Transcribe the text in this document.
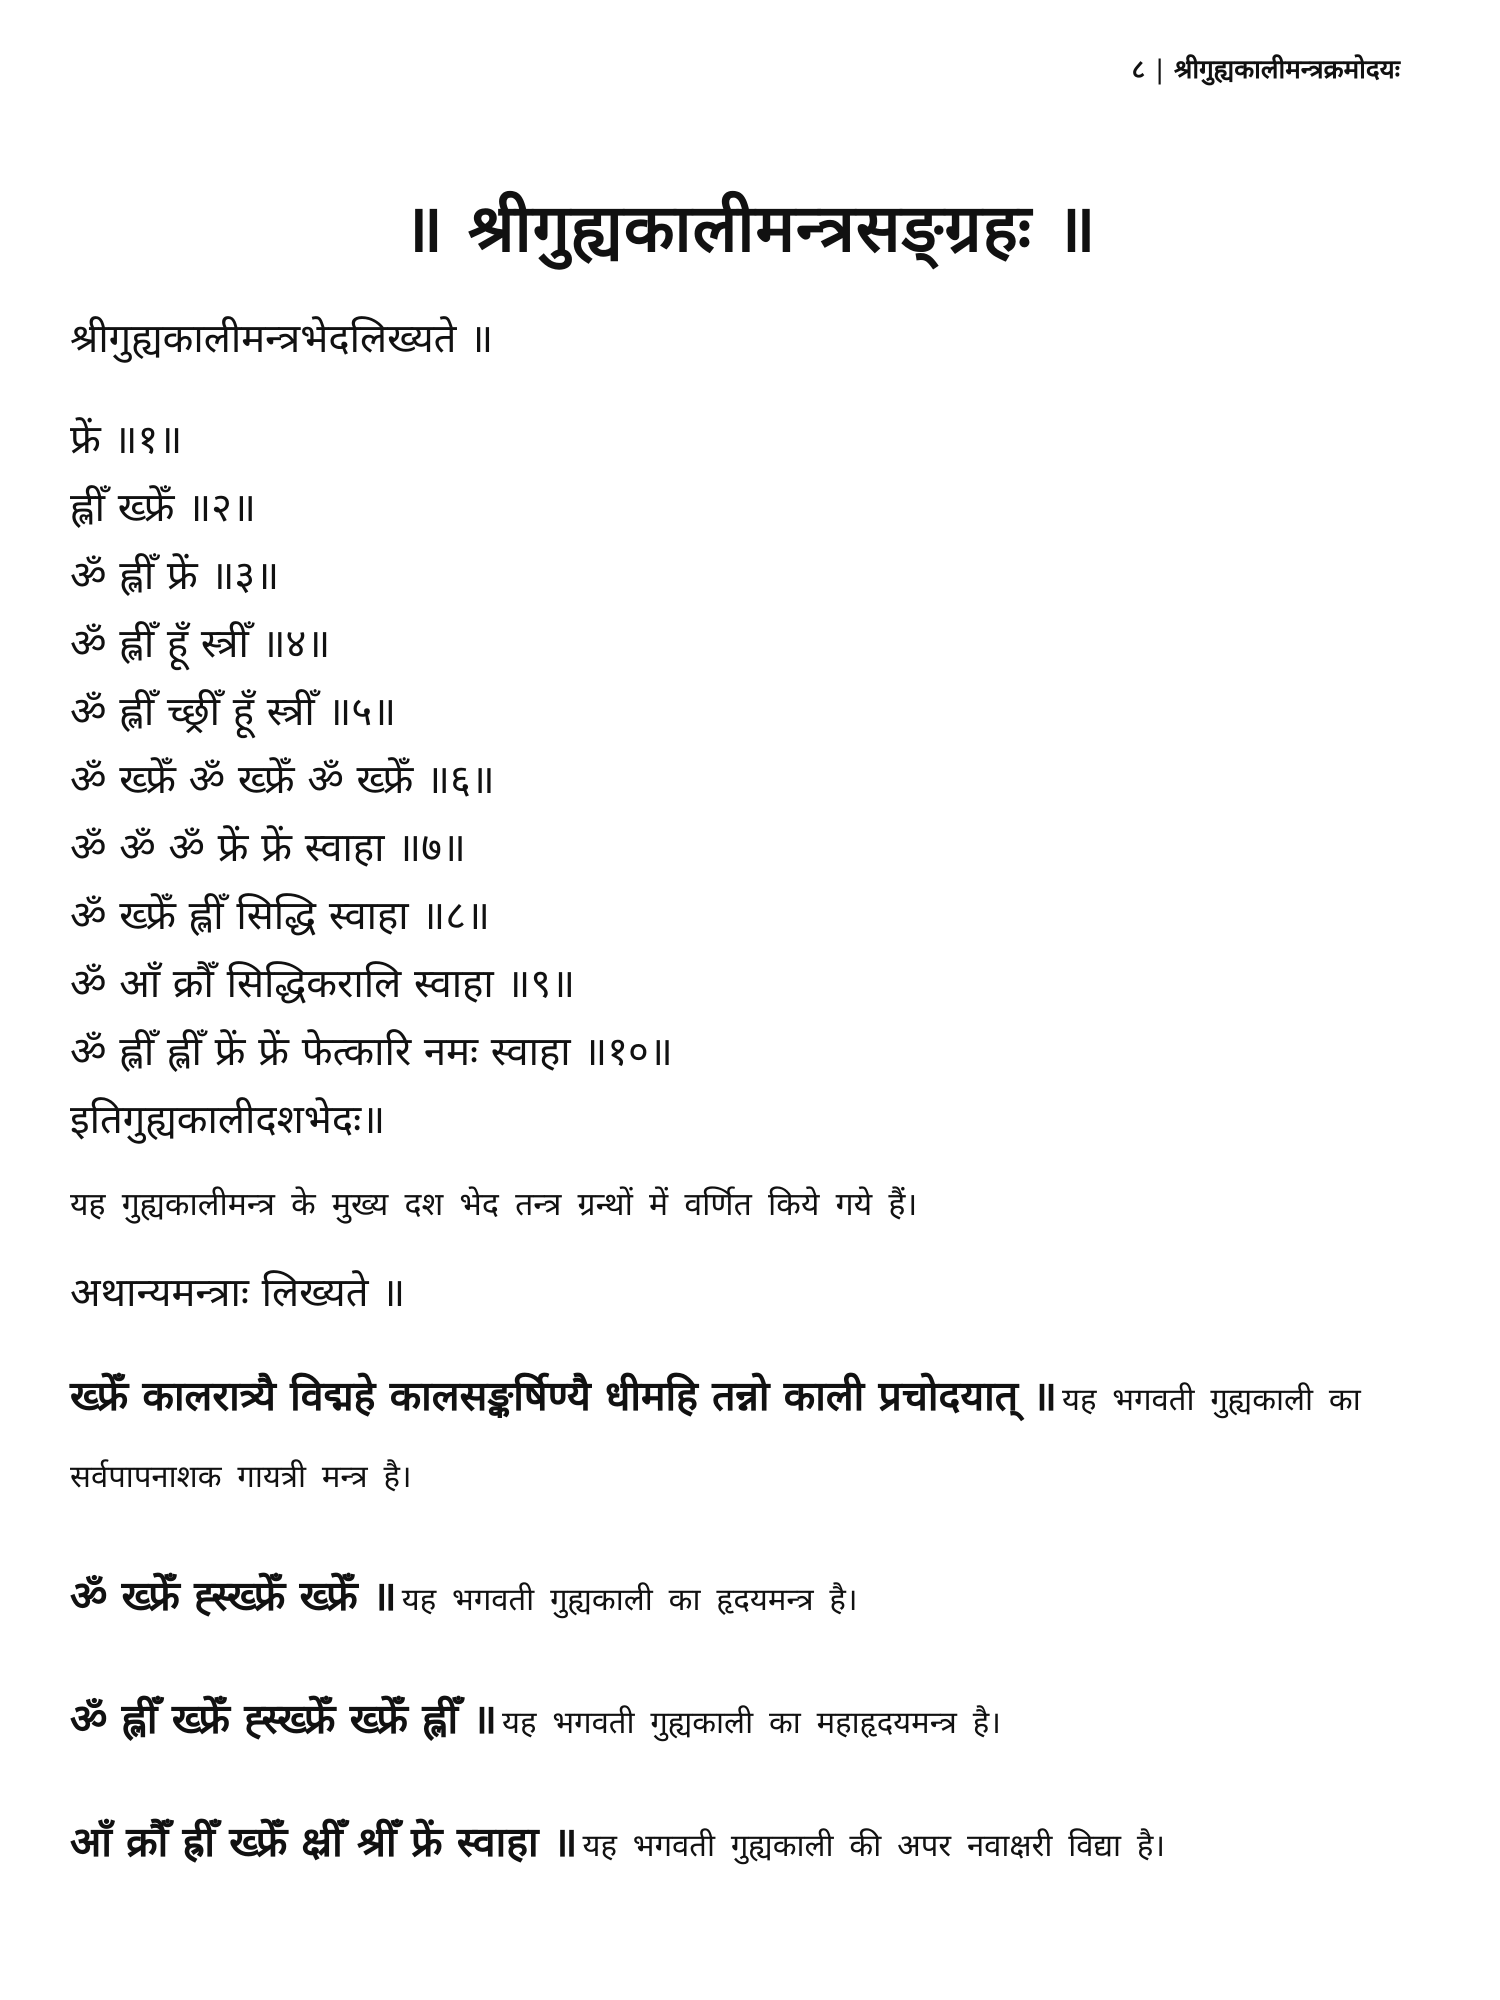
८ | श्रीगुह्यकालीमन्त्रक्रमोदयः
॥ श्रीगुह्यकालीमन्त्रसङ्ग्रहः ॥
श्रीगुह्यकालीमन्त्रभेदलिख्यते ॥
फ्रें ॥१॥
ह्लीँ ख्फ्रेँ ॥२॥
ॐ ह्लीँ फ्रें ॥३॥
ॐ ह्लीँ हूँ स्त्रीँ ॥४॥
ॐ ह्लीँ च्छ्रीँ हूँ स्त्रीँ ॥५॥
ॐ ख्फ्रेँ ॐ ख्फ्रेँ ॐ ख्फ्रेँ ॥६॥
ॐ ॐ ॐ फ्रें फ्रें स्वाहा ॥७॥
ॐ ख्फ्रेँ ह्लीँ सिद्धि स्वाहा ॥८॥
ॐ आँ क्रौँ सिद्धिकरालि स्वाहा ॥९॥
ॐ ह्लीँ ह्लीँ फ्रें फ्रें फेत्कारि नमः स्वाहा ॥१०॥
इतिगुह्यकालीदशभेदः॥
यह गुह्यकालीमन्त्र के मुख्य दश भेद तन्त्र ग्रन्थों में वर्णित किये गये हैं।
अथान्यमन्त्राः लिख्यते ॥
ख्फ्रेँ कालरात्र्यै विद्महे कालसङ्कर्षिण्यै धीमहि तन्नो काली प्रचोदयात् ॥ यह भगवती गुह्यकाली का सर्वपापनाशक गायत्री मन्त्र है।
ॐ ख्फ्रेँ ह्स्ख्फ्रेँ ख्फ्रेँ ॥ यह भगवती गुह्यकाली का हृदयमन्त्र है।
ॐ ह्लीँ ख्फ्रेँ ह्स्ख्फ्रेँ ख्फ्रेँ ह्लीँ ॥ यह भगवती गुह्यकाली का महाहृदयमन्त्र है।
आँ क्रौँ ह्रीँ ख्फ्रेँ क्ष्रीँ श्रीँ फ्रें स्वाहा ॥ यह भगवती गुह्यकाली की अपर नवाक्षरी विद्या है।
